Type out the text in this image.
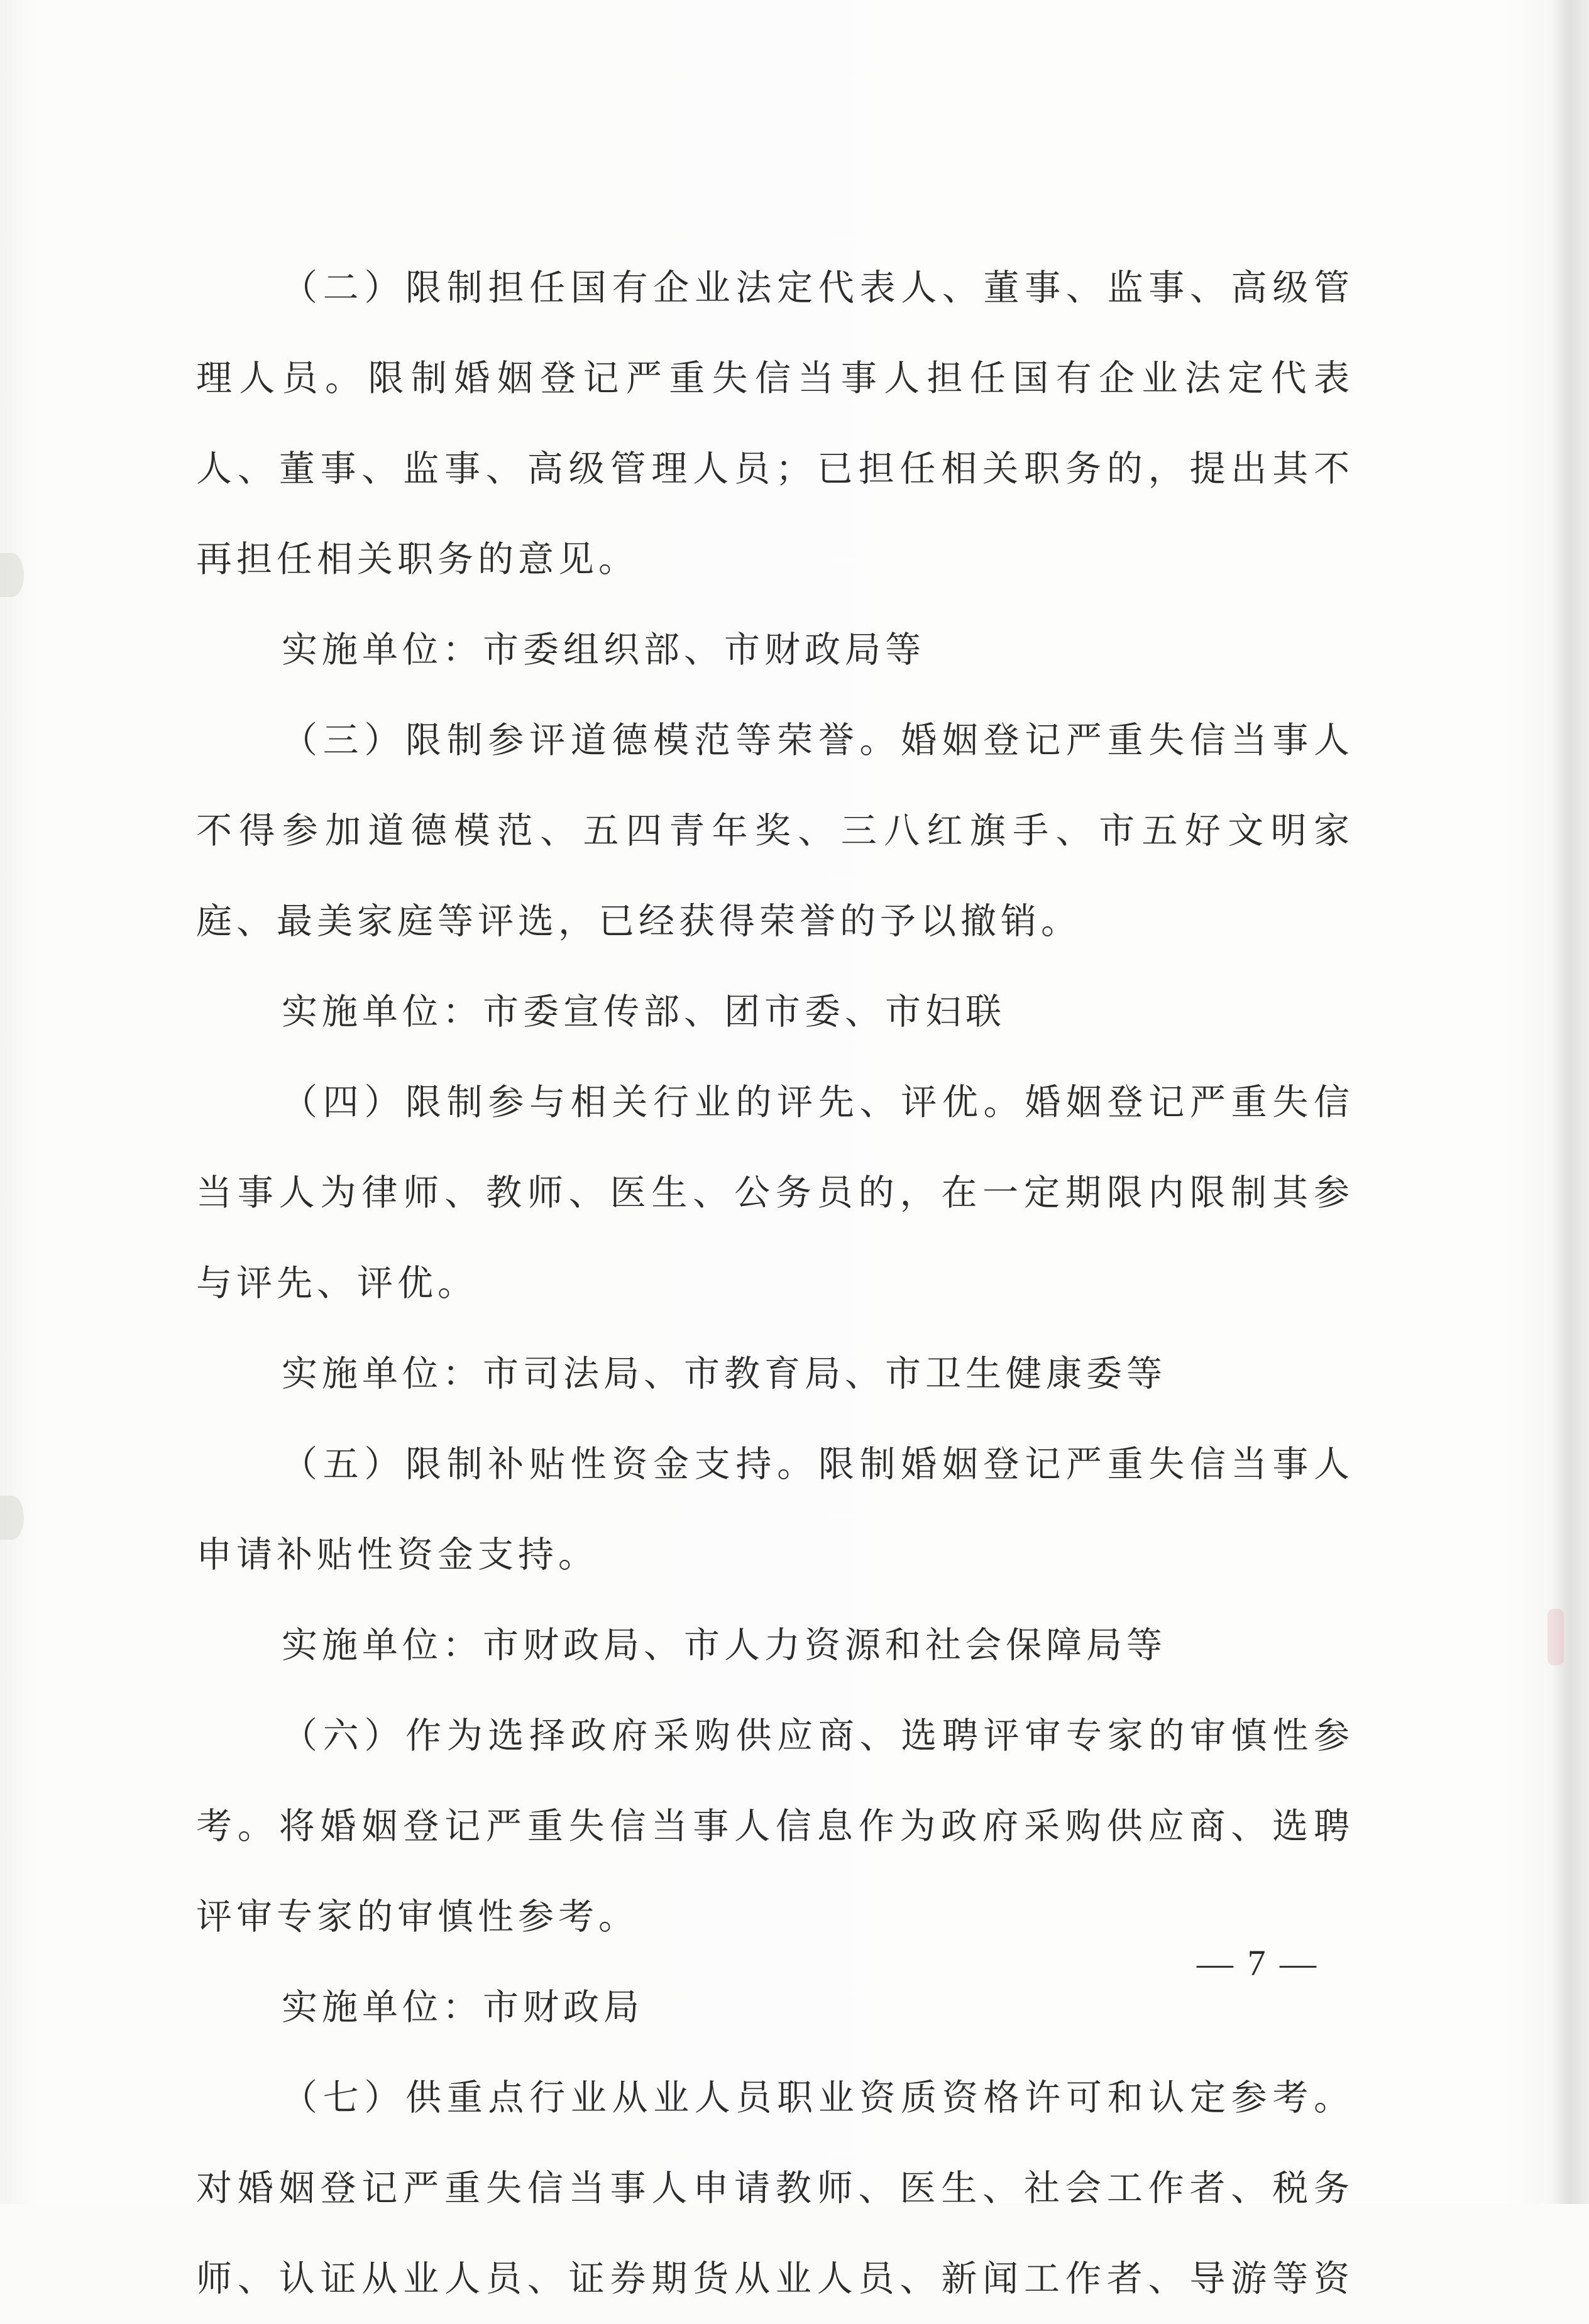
（二）限制担任国有企业法定代表人、董事、监事、高级管理人员。限制婚姻登记严重失信当事人担任国有企业法定代表人、董事、监事、高级管理人员；已担任相关职务的，提出其不再担任相关职务的意见。

实施单位：市委组织部、市财政局等

（三）限制参评道德模范等荣誉。婚姻登记严重失信当事人不得参加道德模范、五四青年奖、三八红旗手、市五好文明家庭、最美家庭等评选，已经获得荣誉的予以撤销。

实施单位：市委宣传部、团市委、市妇联

（四）限制参与相关行业的评先、评优。婚姻登记严重失信当事人为律师、教师、医生、公务员的，在一定期限内限制其参与评先、评优。

实施单位：市司法局、市教育局、市卫生健康委等

（五）限制补贴性资金支持。限制婚姻登记严重失信当事人申请补贴性资金支持。

实施单位：市财政局、市人力资源和社会保障局等

（六）作为选择政府采购供应商、选聘评审专家的审慎性参考。将婚姻登记严重失信当事人信息作为政府采购供应商、选聘评审专家的审慎性参考。

实施单位：市财政局

（七）供重点行业从业人员职业资质资格许可和认定参考。对婚姻登记严重失信当事人申请教师、医生、社会工作者、税务师、认证从业人员、证券期货从业人员、新闻工作者、导游等资

— 7 —
